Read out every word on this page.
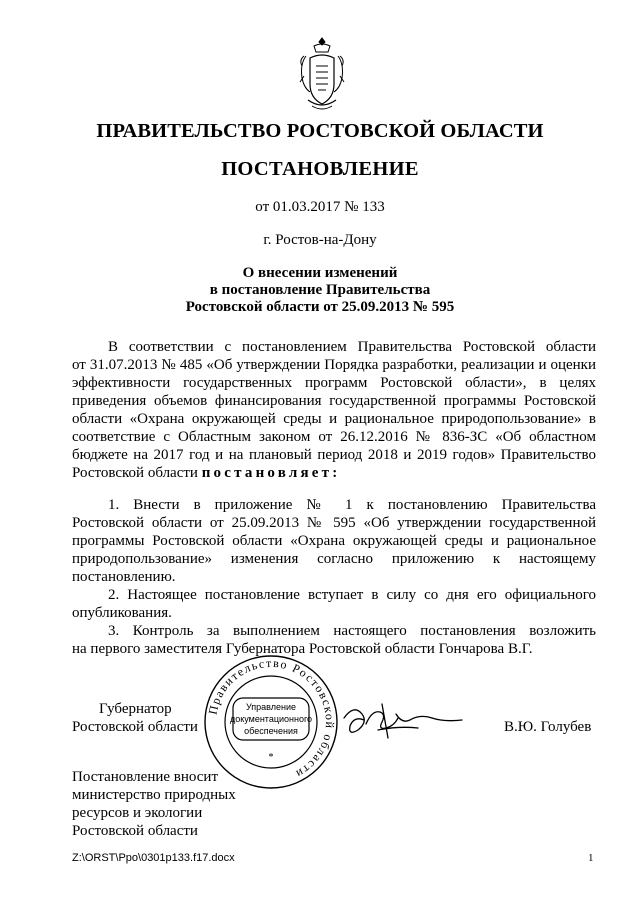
ПРАВИТЕЛЬСТВО РОСТОВСКОЙ ОБЛАСТИ
ПОСТАНОВЛЕНИЕ
от 01.03.2017 № 133
г. Ростов-на-Дону
О внесении изменений
в постановление Правительства
Ростовской области от 25.09.2013 № 595
В соответствии с постановлением Правительства Ростовской области
от 31.07.2013 № 485 «Об утверждении Порядка разработки, реализации и оценки
эффективности государственных программ Ростовской области», в целях
приведения объемов финансирования государственной программы Ростовской
области «Охрана окружающей среды и рациональное природопользование» в
соответствие с Областным законом от 26.12.2016 № 836-ЗС «Об областном
бюджете на 2017 год и на плановый период 2018 и 2019 годов» Правительство
Ростовской области постановляет:
1. Внести в приложение № 1 к постановлению Правительства
Ростовской области от 25.09.2013 № 595 «Об утверждении государственной
программы Ростовской области «Охрана окружающей среды и рациональное
природопользование» изменения согласно приложению к настоящему
постановлению.
2. Настоящее постановление вступает в силу со дня его официального
опубликования.
3. Контроль за выполнением настоящего постановления возложить
на первого заместителя Губернатора Ростовской области Гончарова В.Г.
Губернатор
Ростовской области
Правительство Ростовской области
Управление
документационного
обеспечения
*
В.Ю. Голубев
Постановление вносит
министерство природных
ресурсов и экологии
Ростовской области
Z:\ORST\Ppo\0301p133.f17.docx	1
